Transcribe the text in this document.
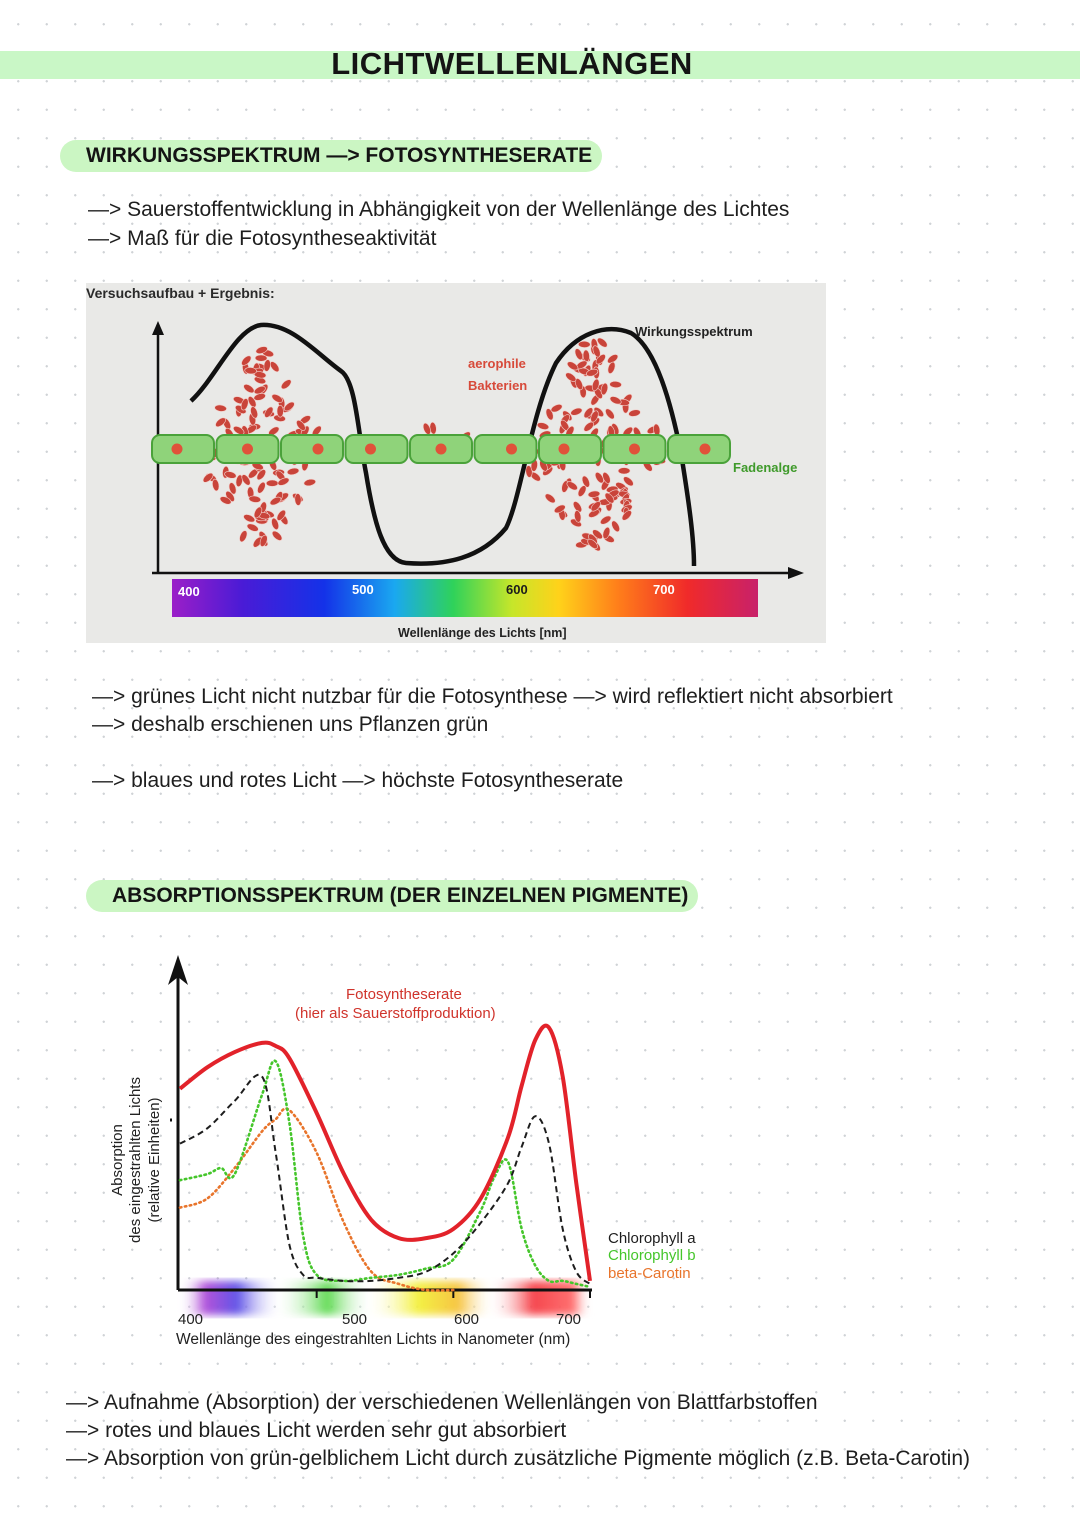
LICHTWELLENLÄNGEN
WIRKUNGSSPEKTRUM —> FOTOSYNTHESERATE
—> Sauerstoffentwicklung in Abhängigkeit von der Wellenlänge des Lichtes
—> Maß für die Fotosyntheseaktivität
Versuchsaufbau + Ergebnis:
400	500	600	700
Wellenlänge des Lichts [nm]
aerophile
Bakterien
Wirkungsspektrum
Fadenalge
—> grünes Licht nicht nutzbar für die Fotosynthese —> wird reflektiert nicht absorbiert
—> deshalb erschienen uns Pflanzen grün
—> blaues und rotes Licht —> höchste Fotosyntheserate
ABSORPTIONSSPEKTRUM (DER EINZELNEN PIGMENTE)
Fotosyntheserate
(hier als Sauerstoffproduktion)
400	500	600	700
Wellenlänge des eingestrahlten Lichts in Nanometer (nm)
Absorption des eingestrahlten Lichts (relative Einheiten)
Chlorophyll a
Chlorophyll b
beta-Carotin
—> Aufnahme (Absorption) der verschiedenen Wellenlängen von Blattfarbstoffen
—> rotes und blaues Licht werden sehr gut absorbiert
—> Absorption von grün-gelblichem Licht durch zusätzliche Pigmente möglich (z.B. Beta-Carotin)
